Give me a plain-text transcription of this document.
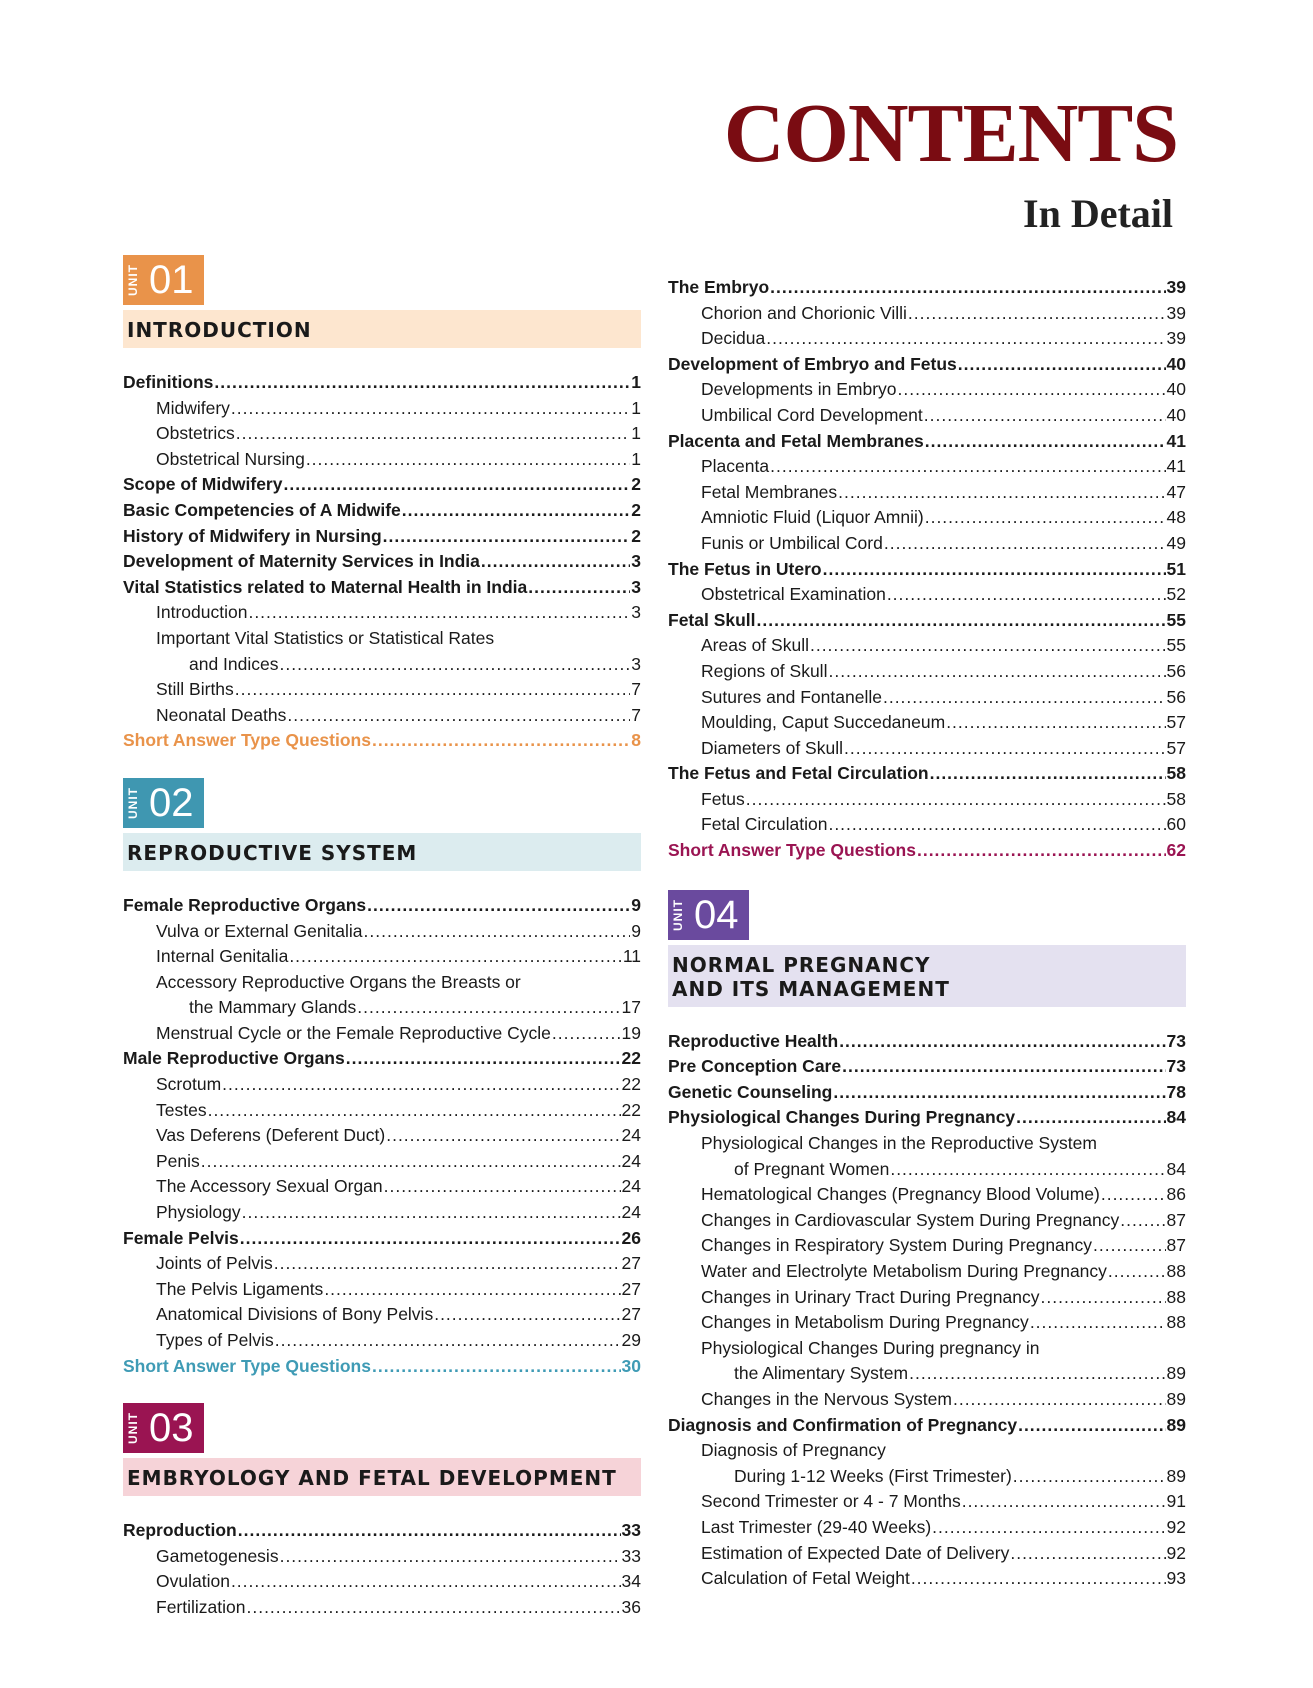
CONTENTS
In Detail
UNIT 01
INTRODUCTION
Definitions .....	1
Midwifery .....	1
Obstetrics .....	1
Obstetrical Nursing .....	1
Scope of Midwifery .....	2
Basic Competencies of A Midwife .....	2
History of Midwifery in Nursing .....	2
Development of Maternity Services in India .....	3
Vital Statistics related to Maternal Health in India .....	3
Introduction .....	3
Important Vital Statistics or Statistical Rates
and Indices .....	3
Still Births .....	7
Neonatal Deaths .....	7
Short Answer Type Questions .....	8
UNIT 02
REPRODUCTIVE SYSTEM
Female Reproductive Organs .....	9
Vulva or External Genitalia .....	9
Internal Genitalia .....	11
Accessory Reproductive Organs the Breasts or
the Mammary Glands .....	17
Menstrual Cycle or the Female Reproductive Cycle .....	19
Male Reproductive Organs .....	22
Scrotum .....	22
Testes .....	22
Vas Deferens (Deferent Duct) .....	24
Penis .....	24
The Accessory Sexual Organ .....	24
Physiology .....	24
Female Pelvis .....	26
Joints of Pelvis .....	27
The Pelvis Ligaments .....	27
Anatomical Divisions of Bony Pelvis .....	27
Types of Pelvis .....	29
Short Answer Type Questions .....	30
UNIT 03
EMBRYOLOGY AND FETAL DEVELOPMENT
Reproduction .....	33
Gametogenesis .....	33
Ovulation .....	34
Fertilization .....	36
The Embryo .....	39
Chorion and Chorionic Villi .....	39
Decidua .....	39
Development of Embryo and Fetus .....	40
Developments in Embryo .....	40
Umbilical Cord Development .....	40
Placenta and Fetal Membranes .....	41
Placenta .....	41
Fetal Membranes .....	47
Amniotic Fluid (Liquor Amnii) .....	48
Funis or Umbilical Cord .....	49
The Fetus in Utero .....	51
Obstetrical Examination .....	52
Fetal Skull .....	55
Areas of Skull .....	55
Regions of Skull .....	56
Sutures and Fontanelle .....	56
Moulding, Caput Succedaneum .....	57
Diameters of Skull .....	57
The Fetus and Fetal Circulation .....	58
Fetus .....	58
Fetal Circulation .....	60
Short Answer Type Questions .....	62
UNIT 04
NORMAL PREGNANCY
AND ITS MANAGEMENT
Reproductive Health .....	73
Pre Conception Care .....	73
Genetic Counseling .....	78
Physiological Changes During Pregnancy .....	84
Physiological Changes in the Reproductive System
of Pregnant Women .....	84
Hematological Changes (Pregnancy Blood Volume) .....	86
Changes in Cardiovascular System During Pregnancy .....	87
Changes in Respiratory System During Pregnancy .....	87
Water and Electrolyte Metabolism During Pregnancy .....	88
Changes in Urinary Tract During Pregnancy .....	88
Changes in Metabolism During Pregnancy .....	88
Physiological Changes During pregnancy in
the Alimentary System .....	89
Changes in the Nervous System .....	89
Diagnosis and Confirmation of Pregnancy .....	89
Diagnosis of Pregnancy
During 1-12 Weeks (First Trimester) .....	89
Second Trimester or 4 - 7 Months .....	91
Last Trimester (29-40 Weeks) .....	92
Estimation of Expected Date of Delivery .....	92
Calculation of Fetal Weight .....	93
